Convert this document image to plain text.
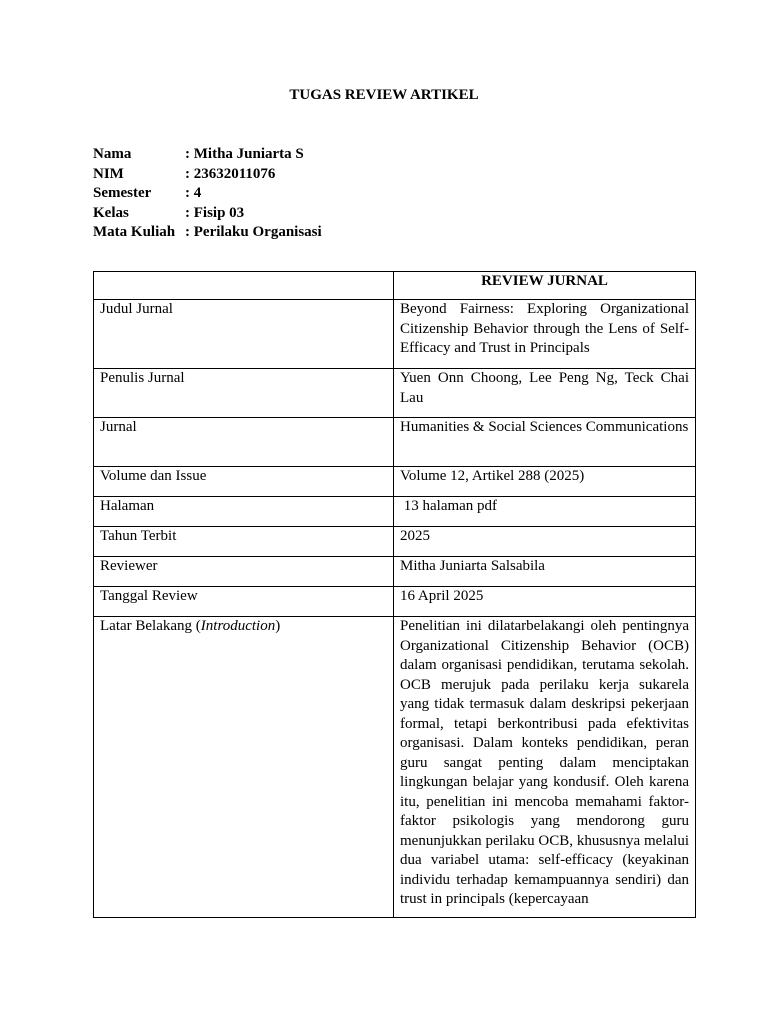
TUGAS REVIEW ARTIKEL
Nama	: Mitha Juniarta S
NIM	: 23632011076
Semester	: 4
Kelas	: Fisip 03
Mata Kuliah : Perilaku Organisasi
	REVIEW JURNAL
Judul Jurnal	Beyond Fairness: Exploring Organizational Citizenship Behavior through the Lens of Self-Efficacy and Trust in Principals
Penulis Jurnal	Yuen Onn Choong, Lee Peng Ng, Teck Chai Lau
Jurnal	Humanities & Social Sciences Communications
Volume dan Issue	Volume 12, Artikel 288 (2025)
Halaman	13 halaman pdf
Tahun Terbit	2025
Reviewer	Mitha Juniarta Salsabila
Tanggal Review	16 April 2025
Latar Belakang (Introduction)	Penelitian ini dilatarbelakangi oleh pentingnya Organizational Citizenship Behavior (OCB) dalam organisasi pendidikan, terutama sekolah. OCB merujuk pada perilaku kerja sukarela yang tidak termasuk dalam deskripsi pekerjaan formal, tetapi berkontribusi pada efektivitas organisasi. Dalam konteks pendidikan, peran guru sangat penting dalam menciptakan lingkungan belajar yang kondusif. Oleh karena itu, penelitian ini mencoba memahami faktor-faktor psikologis yang mendorong guru menunjukkan perilaku OCB, khususnya melalui dua variabel utama: self-efficacy (keyakinan individu terhadap kemampuannya sendiri) dan trust in principals (kepercayaan
